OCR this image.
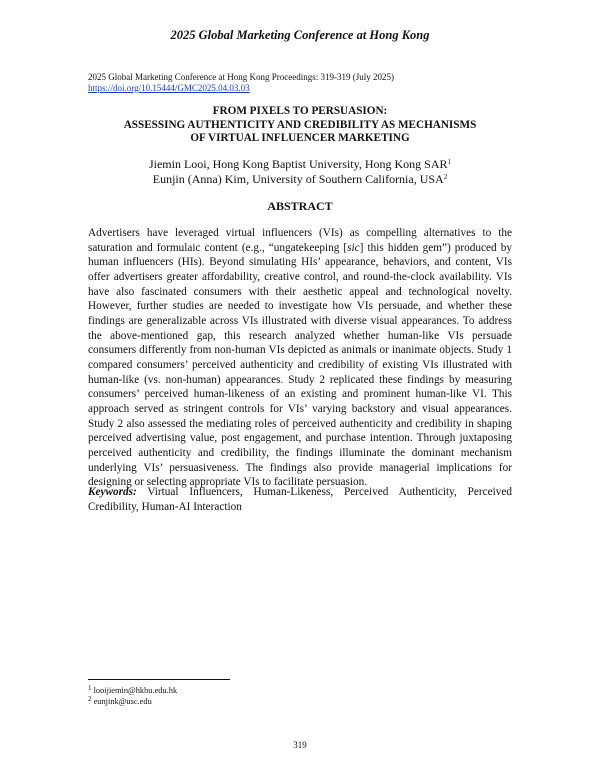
2025 Global Marketing Conference at Hong Kong
2025 Global Marketing Conference at Hong Kong Proceedings: 319-319 (July 2025)
https://doi.org/10.15444/GMC2025.04.03.03
FROM PIXELS TO PERSUASION:
ASSESSING AUTHENTICITY AND CREDIBILITY AS MECHANISMS
OF VIRTUAL INFLUENCER MARKETING
Jiemin Looi, Hong Kong Baptist University, Hong Kong SAR$^1$
Eunjin (Anna) Kim, University of Southern California, USA$^2$
ABSTRACT

Advertisers have leveraged virtual influencers (VIs) as compelling alternatives to the saturation and formulaic content (e.g., “ungatekeeping [sic] this hidden gem”) produced by human influencers (HIs). Beyond simulating HIs’ appearance, behaviors, and content, VIs offer advertisers greater affordability, creative control, and round-the-clock availability. VIs have also fascinated consumers with their aesthetic appeal and technological novelty. However, further studies are needed to investigate how VIs persuade, and whether these findings are generalizable across VIs illustrated with diverse visual appearances. To address the above-mentioned gap, this research analyzed whether human-like VIs persuade consumers differently from non-human VIs depicted as animals or inanimate objects. Study 1 compared consumers’ perceived authenticity and credibility of existing VIs illustrated with human-like (vs. non-human) appearances. Study 2 replicated these findings by measuring consumers’ perceived human-likeness of an existing and prominent human-like VI. This approach served as stringent controls for VIs’ varying backstory and visual appearances. Study 2 also assessed the mediating roles of perceived authenticity and credibility in shaping perceived advertising value, post engagement, and purchase intention. Through juxtaposing perceived authenticity and credibility, the findings illuminate the dominant mechanism underlying VIs’ persuasiveness. The findings also provide managerial implications for designing or selecting appropriate VIs to facilitate persuasion.

Keywords: Virtual Influencers, Human-Likeness, Perceived Authenticity, Perceived Credibility, Human-AI Interaction

$^1$ looijiemin@hkbu.edu.hk
$^2$ eunjink@usc.edu
319
